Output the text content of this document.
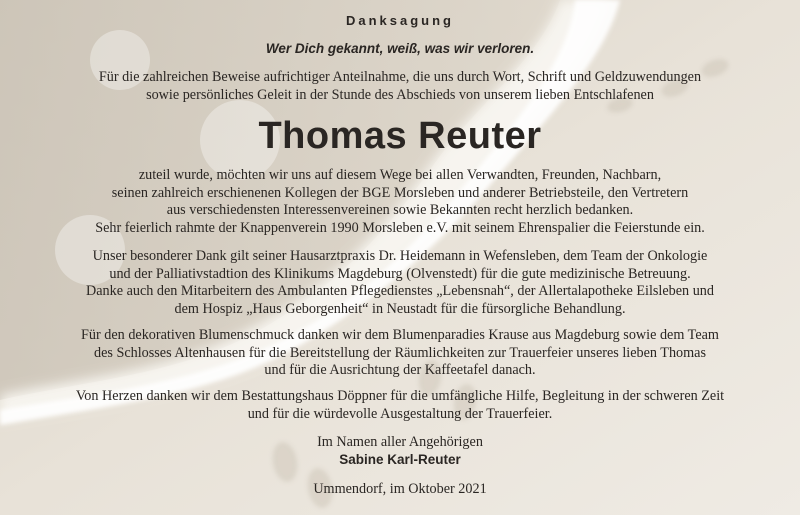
Danksagung
Wer Dich gekannt, weiß, was wir verloren.
Für die zahlreichen Beweise aufrichtiger Anteilnahme, die uns durch Wort, Schrift und Geldzuwendungen
sowie persönliches Geleit in der Stunde des Abschieds von unserem lieben Entschlafenen
Thomas Reuter
zuteil wurde, möchten wir uns auf diesem Wege bei allen Verwandten, Freunden, Nachbarn,
seinen zahlreich erschienenen Kollegen der BGE Morsleben und anderer Betriebsteile, den Vertretern
aus verschiedensten Interessenvereinen sowie Bekannten recht herzlich bedanken.
Sehr feierlich rahmte der Knappenverein 1990 Morsleben e.V. mit seinem Ehrenspalier die Feierstunde ein.
Unser besonderer Dank gilt seiner Hausarztpraxis Dr. Heidemann in Wefensleben, dem Team der Onkologie
und der Palliativstadtion des Klinikums Magdeburg (Olvenstedt) für die gute medizinische Betreuung.
Danke auch den Mitarbeitern des Ambulanten Pflegedienstes „Lebensnah“, der Allertalapotheke Eilsleben und
dem Hospiz „Haus Geborgenheit“ in Neustadt für die fürsorgliche Behandlung.
Für den dekorativen Blumenschmuck danken wir dem Blumenparadies Krause aus Magdeburg sowie dem Team
des Schlosses Altenhausen für die Bereitstellung der Räumlichkeiten zur Trauerfeier unseres lieben Thomas
und für die Ausrichtung der Kaffeetafel danach.
Von Herzen danken wir dem Bestattungshaus Döppner für die umfängliche Hilfe, Begleitung in der schweren Zeit
und für die würdevolle Ausgestaltung der Trauerfeier.
Im Namen aller Angehörigen
Sabine Karl-Reuter
Ummendorf, im Oktober 2021
